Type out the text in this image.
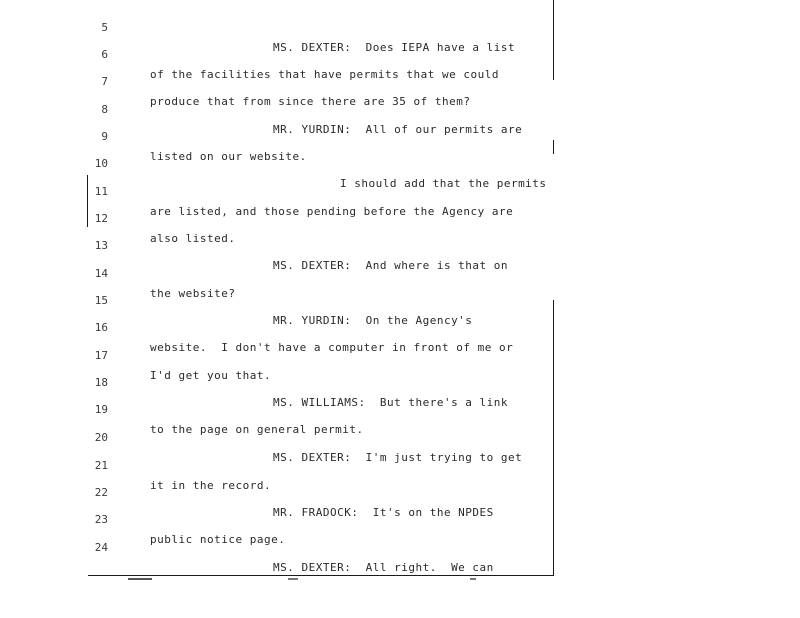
5

MS. DEXTER:  Does IEPA have a list

6

of the facilities that have permits that we could

7

produce that from since there are 35 of them?

8

MR. YURDIN:  All of our permits are

9

listed on our website.

10

I should add that the permits

11

are listed, and those pending before the Agency are

12

also listed.

13

MS. DEXTER:  And where is that on

14

the website?

15

MR. YURDIN:  On the Agency's

16

website.  I don't have a computer in front of me or

17

I'd get you that.

18

MS. WILLIAMS:  But there's a link

19

to the page on general permit.

20

MS. DEXTER:  I'm just trying to get

21

it in the record.

22

MR. FRADOCK:  It's on the NPDES

23

public notice page.

24

MS. DEXTER:  All right.  We can
